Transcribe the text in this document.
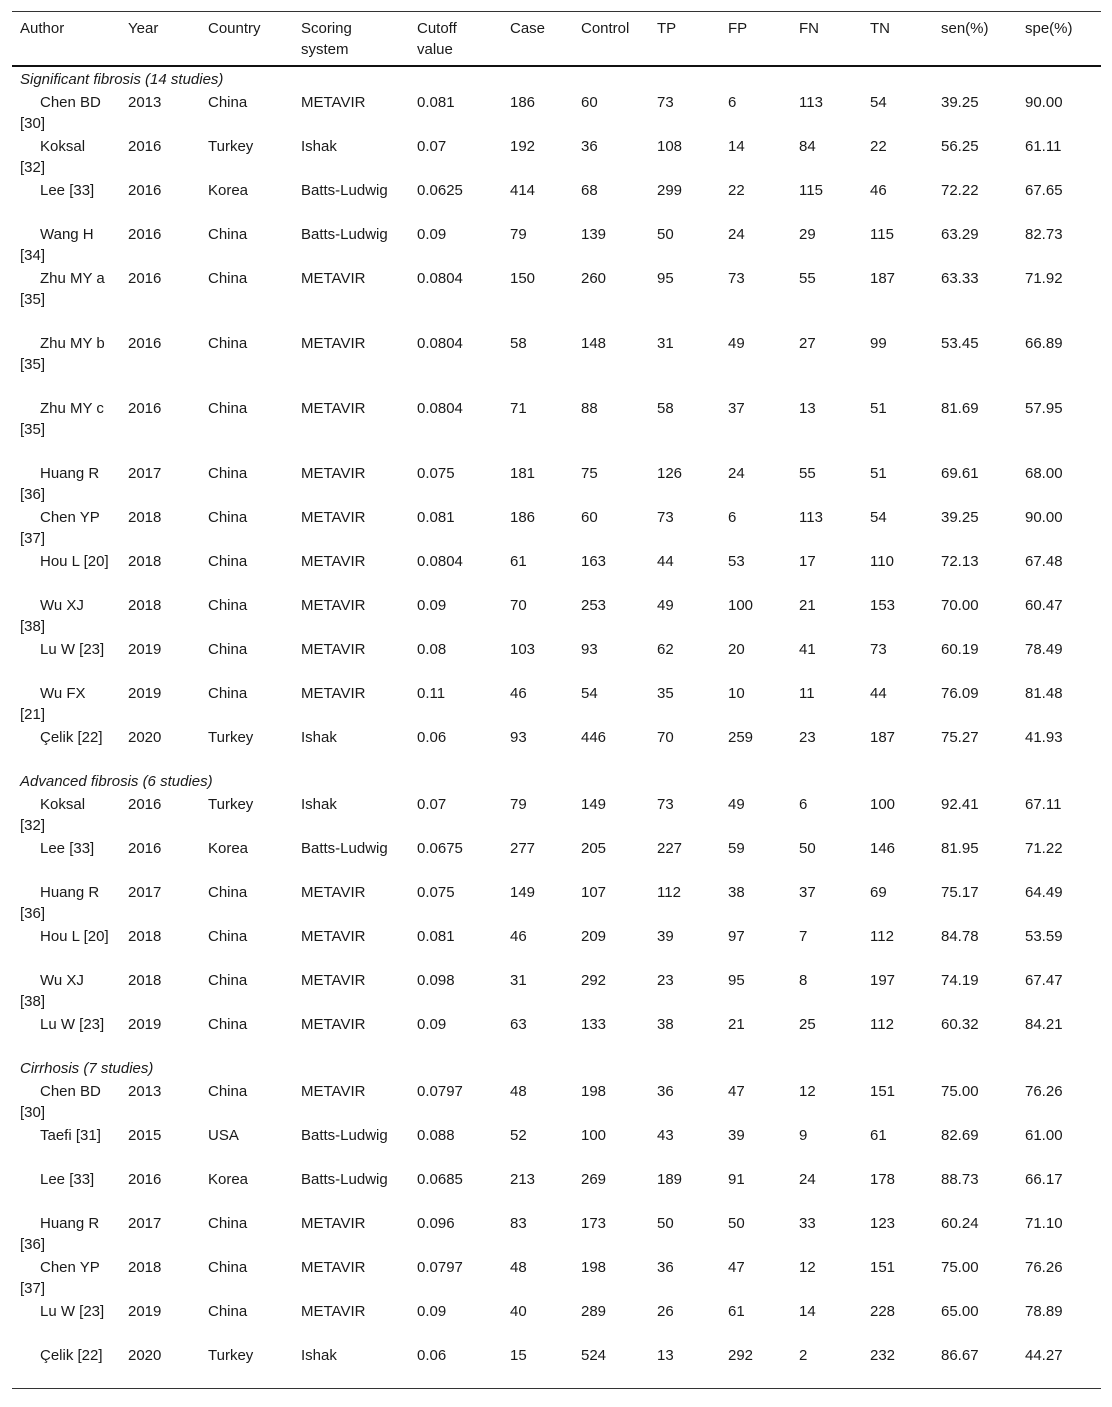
Author	Year	Country	Scoring system	Cutoff value	Case	Control	TP	FP	FN	TN	sen(%)	spe(%)
Significant fibrosis (14 studies)												
Chen BD [30]	2013	China	METAVIR	0.081	186	60	73	6	113	54	39.25	90.00
Koksal [32]	2016	Turkey	Ishak	0.07	192	36	108	14	84	22	56.25	61.11
Lee [33]	2016	Korea	Batts-Ludwig	0.0625	414	68	299	22	115	46	72.22	67.65
Wang H [34]	2016	China	Batts-Ludwig	0.09	79	139	50	24	29	115	63.29	82.73
Zhu MY a [35]	2016	China	METAVIR	0.0804	150	260	95	73	55	187	63.33	71.92
Zhu MY b [35]	2016	China	METAVIR	0.0804	58	148	31	49	27	99	53.45	66.89
Zhu MY c [35]	2016	China	METAVIR	0.0804	71	88	58	37	13	51	81.69	57.95
Huang R [36]	2017	China	METAVIR	0.075	181	75	126	24	55	51	69.61	68.00
Chen YP [37]	2018	China	METAVIR	0.081	186	60	73	6	113	54	39.25	90.00
Hou L [20]	2018	China	METAVIR	0.0804	61	163	44	53	17	110	72.13	67.48
Wu XJ [38]	2018	China	METAVIR	0.09	70	253	49	100	21	153	70.00	60.47
Lu W [23]	2019	China	METAVIR	0.08	103	93	62	20	41	73	60.19	78.49
Wu FX [21]	2019	China	METAVIR	0.11	46	54	35	10	11	44	76.09	81.48
Çelik [22]	2020	Turkey	Ishak	0.06	93	446	70	259	23	187	75.27	41.93
Advanced fibrosis (6 studies)												
Koksal [32]	2016	Turkey	Ishak	0.07	79	149	73	49	6	100	92.41	67.11
Lee [33]	2016	Korea	Batts-Ludwig	0.0675	277	205	227	59	50	146	81.95	71.22
Huang R [36]	2017	China	METAVIR	0.075	149	107	112	38	37	69	75.17	64.49
Hou L [20]	2018	China	METAVIR	0.081	46	209	39	97	7	112	84.78	53.59
Wu XJ [38]	2018	China	METAVIR	0.098	31	292	23	95	8	197	74.19	67.47
Lu W [23]	2019	China	METAVIR	0.09	63	133	38	21	25	112	60.32	84.21
Cirrhosis (7 studies)												
Chen BD [30]	2013	China	METAVIR	0.0797	48	198	36	47	12	151	75.00	76.26
Taefi [31]	2015	USA	Batts-Ludwig	0.088	52	100	43	39	9	61	82.69	61.00
Lee [33]	2016	Korea	Batts-Ludwig	0.0685	213	269	189	91	24	178	88.73	66.17
Huang R [36]	2017	China	METAVIR	0.096	83	173	50	50	33	123	60.24	71.10
Chen YP [37]	2018	China	METAVIR	0.0797	48	198	36	47	12	151	75.00	76.26
Lu W [23]	2019	China	METAVIR	0.09	40	289	26	61	14	228	65.00	78.89
Çelik [22]	2020	Turkey	Ishak	0.06	15	524	13	292	2	232	86.67	44.27
